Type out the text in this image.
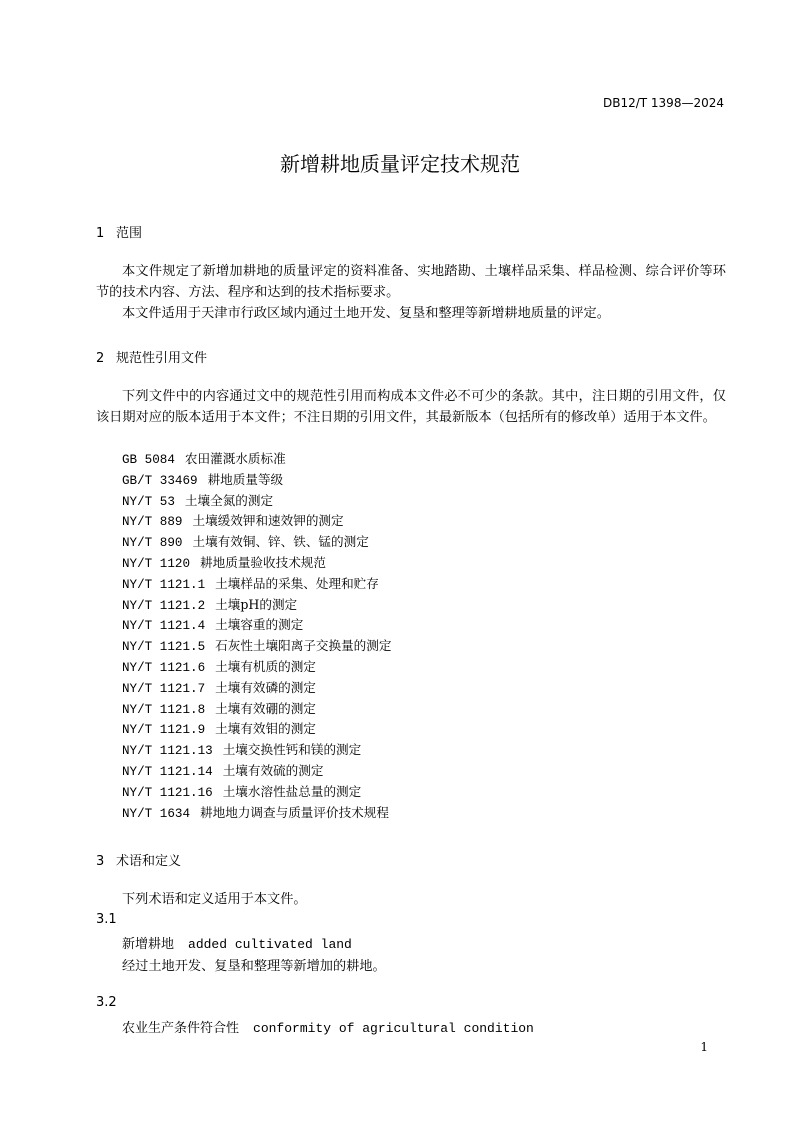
DB12/T 1398—2024
新增耕地质量评定技术规范
1 范围
本文件规定了新增加耕地的质量评定的资料准备、实地踏勘、土壤样品采集、样品检测、综合评价等环节的技术内容、方法、程序和达到的技术指标要求。
本文件适用于天津市行政区域内通过土地开发、复垦和整理等新增耕地质量的评定。
2 规范性引用文件
下列文件中的内容通过文中的规范性引用而构成本文件必不可少的条款。其中，注日期的引用文件，仅该日期对应的版本适用于本文件；不注日期的引用文件，其最新版本（包括所有的修改单）适用于本文件。
GB 5084 农田灌溉水质标准
GB/T 33469 耕地质量等级
NY/T 53 土壤全氮的测定
NY/T 889 土壤缓效钾和速效钾的测定
NY/T 890 土壤有效铜、锌、铁、锰的测定
NY/T 1120 耕地质量验收技术规范
NY/T 1121.1 土壤样品的采集、处理和贮存
NY/T 1121.2 土壤pH的测定
NY/T 1121.4 土壤容重的测定
NY/T 1121.5 石灰性土壤阳离子交换量的测定
NY/T 1121.6 土壤有机质的测定
NY/T 1121.7 土壤有效磷的测定
NY/T 1121.8 土壤有效硼的测定
NY/T 1121.9 土壤有效钼的测定
NY/T 1121.13 土壤交换性钙和镁的测定
NY/T 1121.14 土壤有效硫的测定
NY/T 1121.16 土壤水溶性盐总量的测定
NY/T 1634 耕地地力调查与质量评价技术规程
3 术语和定义
下列术语和定义适用于本文件。
3.1
新增耕地 added cultivated land
经过土地开发、复垦和整理等新增加的耕地。
3.2
农业生产条件符合性 conformity of agricultural condition
1
